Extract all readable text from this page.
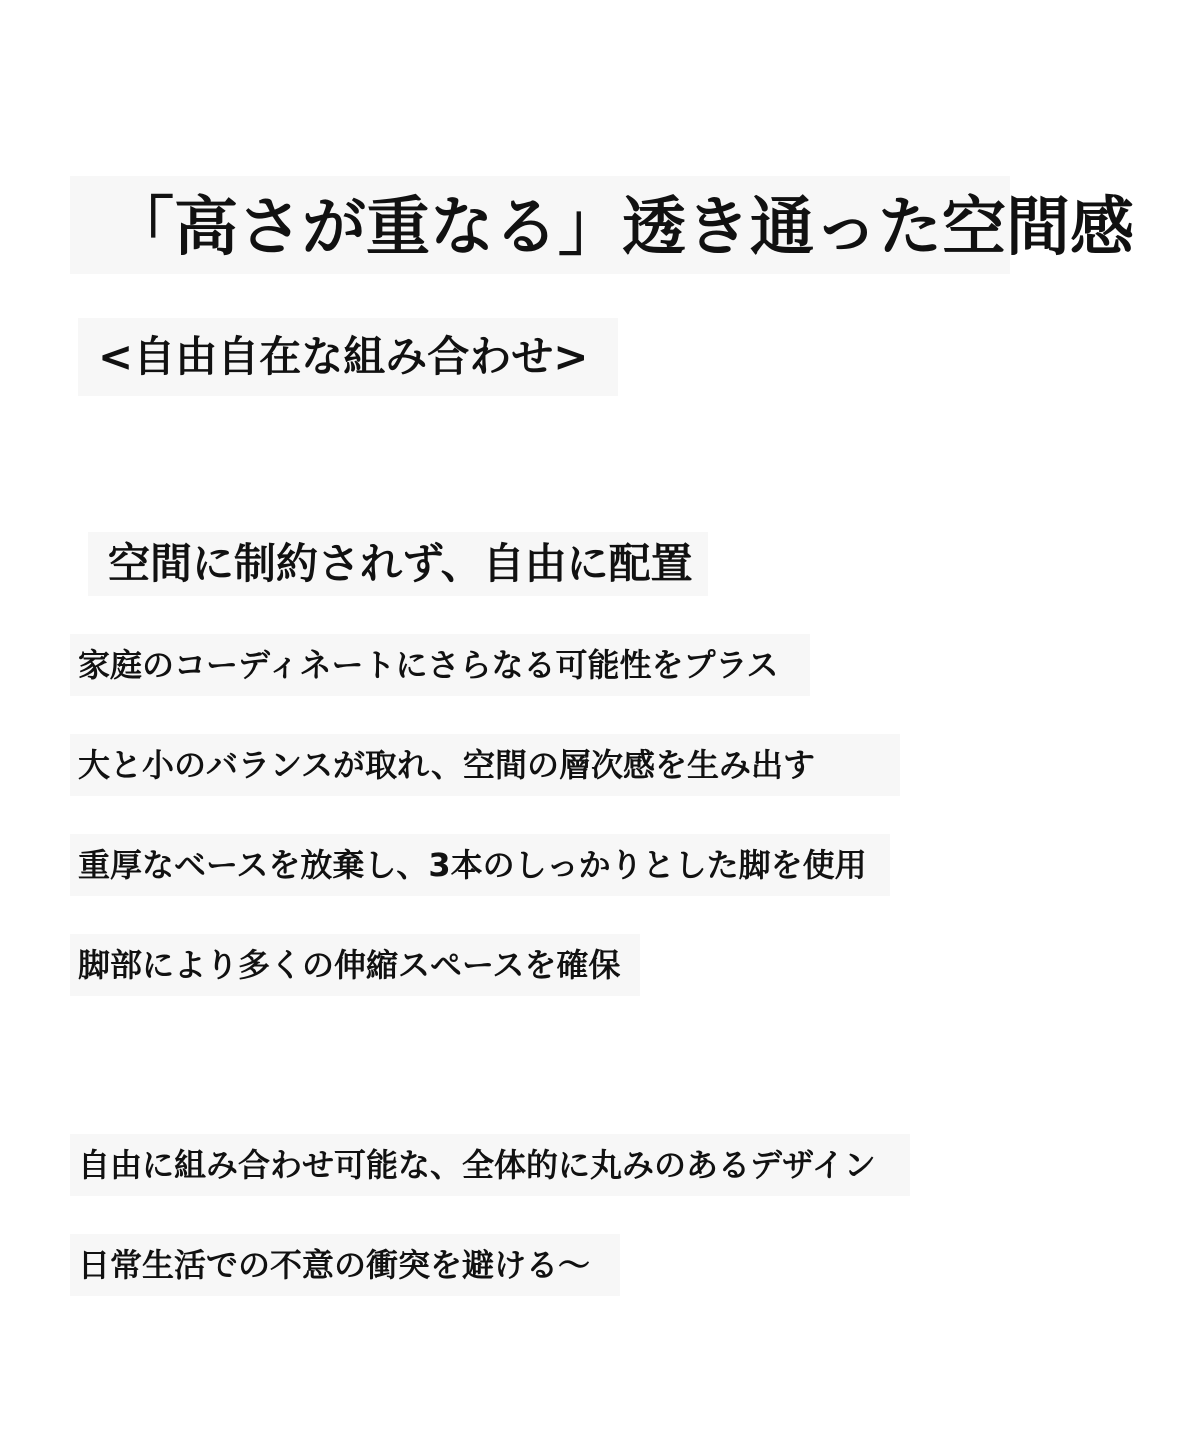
「高さが重なる」透き通った空間感
<自由自在な組み合わせ>
空間に制約されず、自由に配置
家庭のコーディネートにさらなる可能性をプラス
大と小のバランスが取れ、空間の層次感を生み出す
重厚なベースを放棄し、3本のしっかりとした脚を使用
脚部により多くの伸縮スペースを確保
自由に組み合わせ可能な、全体的に丸みのあるデザイン
日常生活での不意の衝突を避ける〜
